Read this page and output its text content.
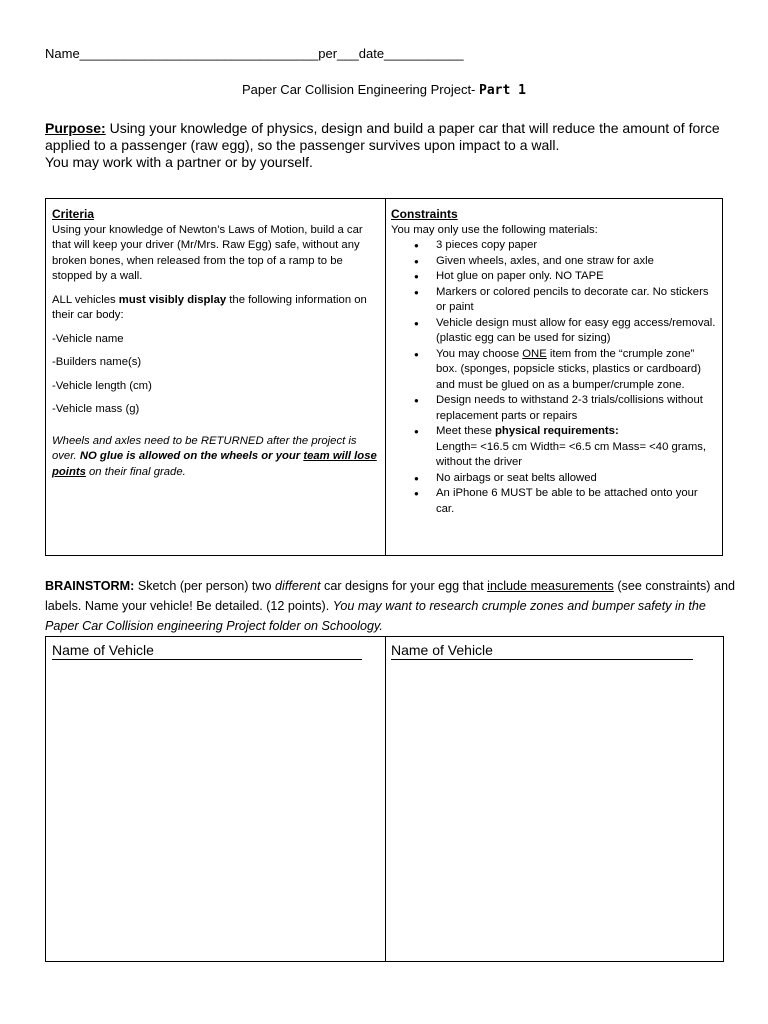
Name_________________________________per___date___________
Paper Car Collision Engineering Project- Part 1
Purpose: Using your knowledge of physics, design and build a paper car that will reduce the amount of force applied to a passenger (raw egg), so the passenger survives upon impact to a wall.
You may work with a partner or by yourself.
Criteria

Using your knowledge of Newton’s Laws of Motion, build a car that will keep your driver (Mr/Mrs. Raw Egg) safe, without any broken bones, when released from the top of a ramp to be stopped by a wall.

ALL vehicles must visibly display the following information on their car body:

-Vehicle name

-Builders name(s)

-Vehicle length (cm)

-Vehicle mass (g)

Wheels and axles need to be RETURNED after the project is over. NO glue is allowed on the wheels or your team will lose points on their final grade.

Constraints
You may only use the following materials:
● 3 pieces copy paper
● Given wheels, axles, and one straw for axle
● Hot glue on paper only. NO TAPE
● Markers or colored pencils to decorate car. No stickers or paint
● Vehicle design must allow for easy egg access/removal. (plastic egg can be used for sizing)
● You may choose ONE item from the “crumple zone” box. (sponges, popsicle sticks, plastics or cardboard) and must be glued on as a bumper/crumple zone.
● Design needs to withstand 2-3 trials/collisions without replacement parts or repairs
● Meet these physical requirements:
Length= <16.5 cm Width= <6.5 cm Mass= <40 grams, without the driver
● No airbags or seat belts allowed
● An iPhone 6 MUST be able to be attached onto your car.
BRAINSTORM: Sketch (per person) two different car designs for your egg that include measurements (see constraints) and labels. Name your vehicle! Be detailed. (12 points). You may want to research crumple zones and bumper safety in the Paper Car Collision engineering Project folder on Schoology.
Name of Vehicle	Name of Vehicle
